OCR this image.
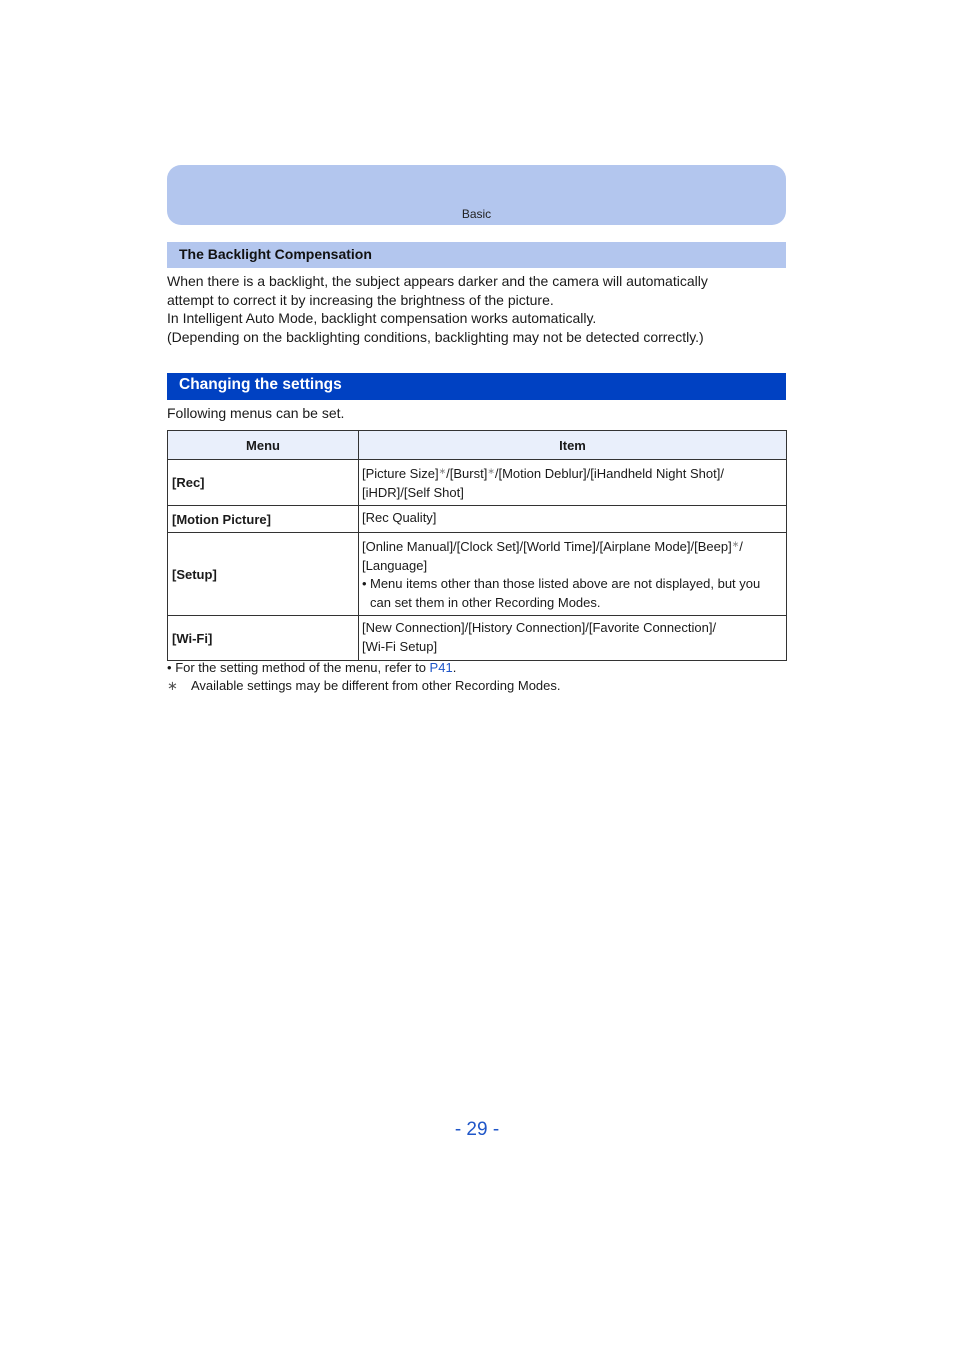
Basic
The Backlight Compensation

When there is a backlight, the subject appears darker and the camera will automatically

attempt to correct it by increasing the brightness of the picture.

In Intelligent Auto Mode, backlight compensation works automatically.

(Depending on the backlighting conditions, backlighting may not be detected correctly.)

Changing the settings
Following menus can be set.
Menu	Item
[Rec]	[Picture Size]∗/[Burst]∗/[Motion Deblur]/[iHandheld Night Shot]/
[iHDR]/[Self Shot]

[Motion Picture]	[Rec Quality]
[Setup]	[Online Manual]/[Clock Set]/[World Time]/[Airplane Mode]/[Beep]∗/
[Language]
• Menu items other than those listed above are not displayed, but you
can set them in other Recording Modes.

[Wi-Fi]	[New Connection]/[History Connection]/[Favorite Connection]/
[Wi-Fi Setup]
• For the setting method of the menu, refer to P41.
∗ Available settings may be different from other Recording Modes.
- 29 -
